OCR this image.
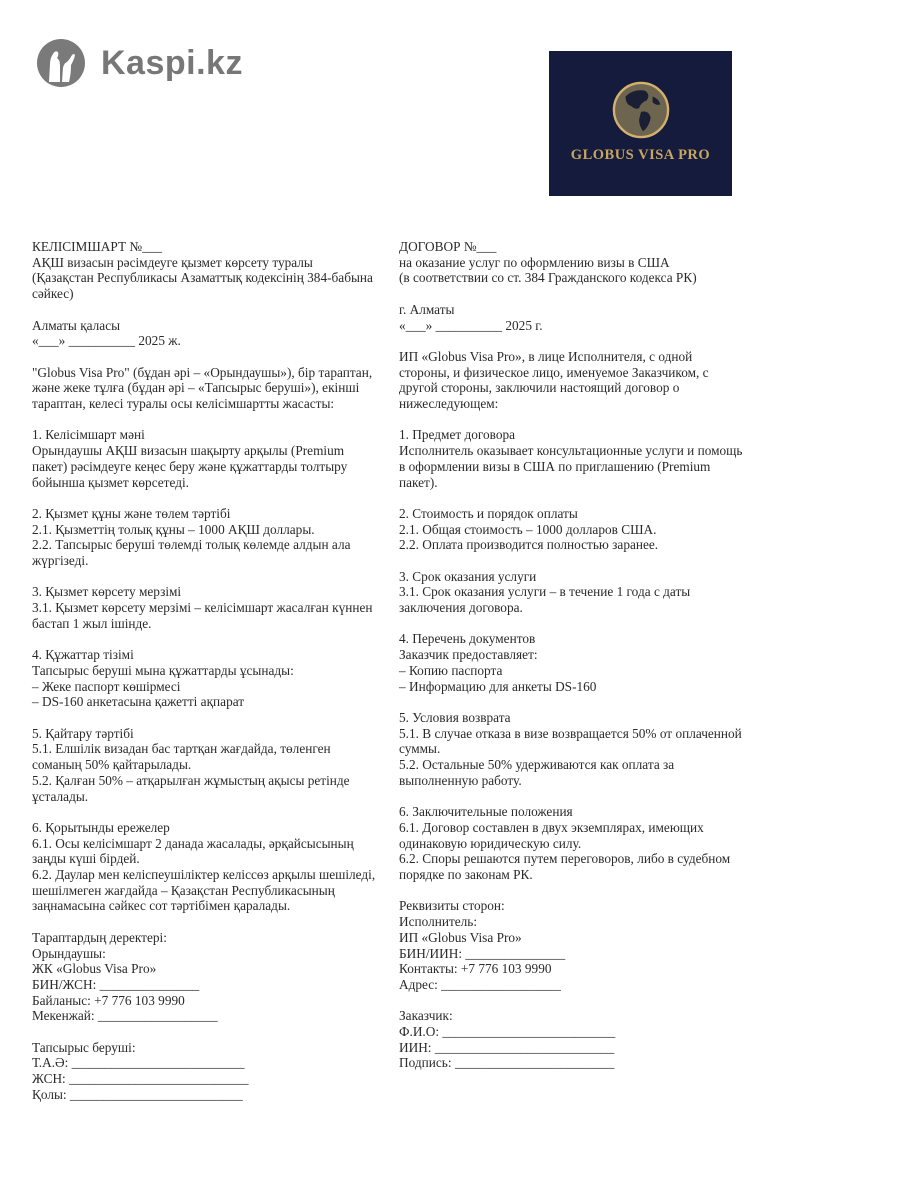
Kaspi.kz
GLOBUS VISA PRO
КЕЛІСІМШАРТ №___
АҚШ визасын рәсімдеуге қызмет көрсету туралы
(Қазақстан Республикасы Азаматтық кодексінің 384-бабына
сәйкес)
Алматы қаласы
«___» __________ 2025 ж.
"Globus Visa Pro" (бұдан әрі – «Орындаушы»), бір тараптан,
және жеке тұлға (бұдан әрі – «Тапсырыс беруші»), екінші
тараптан, келесі туралы осы келісімшартты жасасты:
1. Келісімшарт мәні
Орындаушы АҚШ визасын шақырту арқылы (Premium
пакет) рәсімдеуге кеңес беру және құжаттарды толтыру
бойынша қызмет көрсетеді.
2. Қызмет құны және төлем тәртібі
2.1. Қызметтің толық құны – 1000 АҚШ доллары.
2.2. Тапсырыс беруші төлемді толық көлемде алдын ала
жүргізеді.
3. Қызмет көрсету мерзімі
3.1. Қызмет көрсету мерзімі – келісімшарт жасалған күннен
бастап 1 жыл ішінде.
4. Құжаттар тізімі
Тапсырыс беруші мына құжаттарды ұсынады:
– Жеке паспорт көшірмесі
– DS-160 анкетасына қажетті ақпарат
5. Қайтару тәртібі
5.1. Елшілік визадан бас тартқан жағдайда, төленген
соманың 50% қайтарылады.
5.2. Қалған 50% – атқарылған жұмыстың ақысы ретінде
ұсталады.
6. Қорытынды ережелер
6.1. Осы келісімшарт 2 данада жасалады, әрқайсысының
заңды күші бірдей.
6.2. Даулар мен келіспеушіліктер келіссөз арқылы шешіледі,
шешілмеген жағдайда – Қазақстан Республикасының
заңнамасына сәйкес сот тәртібімен қаралады.
Тараптардың деректері:
Орындаушы:
ЖК «Globus Visa Pro»
БИН/ЖСН: _______________
Байланыс: +7 776 103 9990
Мекенжай: __________________
Тапсырыс беруші:
Т.А.Ә: __________________________
ЖСН: ___________________________
Қолы: __________________________
ДОГОВОР №___
на оказание услуг по оформлению визы в США
(в соответствии со ст. 384 Гражданского кодекса РК)
г. Алматы
«___» __________ 2025 г.
ИП «Globus Visa Pro», в лице Исполнителя, с одной
стороны, и физическое лицо, именуемое Заказчиком, с
другой стороны, заключили настоящий договор о
нижеследующем:
1. Предмет договора
Исполнитель оказывает консультационные услуги и помощь
в оформлении визы в США по приглашению (Premium
пакет).
2. Стоимость и порядок оплаты
2.1. Общая стоимость – 1000 долларов США.
2.2. Оплата производится полностью заранее.
3. Срок оказания услуги
3.1. Срок оказания услуги – в течение 1 года с даты
заключения договора.
4. Перечень документов
Заказчик предоставляет:
– Копию паспорта
– Информацию для анкеты DS-160
5. Условия возврата
5.1. В случае отказа в визе возвращается 50% от оплаченной
суммы.
5.2. Остальные 50% удерживаются как оплата за
выполненную работу.
6. Заключительные положения
6.1. Договор составлен в двух экземплярах, имеющих
одинаковую юридическую силу.
6.2. Споры решаются путем переговоров, либо в судебном
порядке по законам РК.
Реквизиты сторон:
Исполнитель:
ИП «Globus Visa Pro»
БИН/ИИН: _______________
Контакты: +7 776 103 9990
Адрес: __________________
Заказчик:
Ф.И.О: __________________________
ИИН: ___________________________
Подпись: ________________________
